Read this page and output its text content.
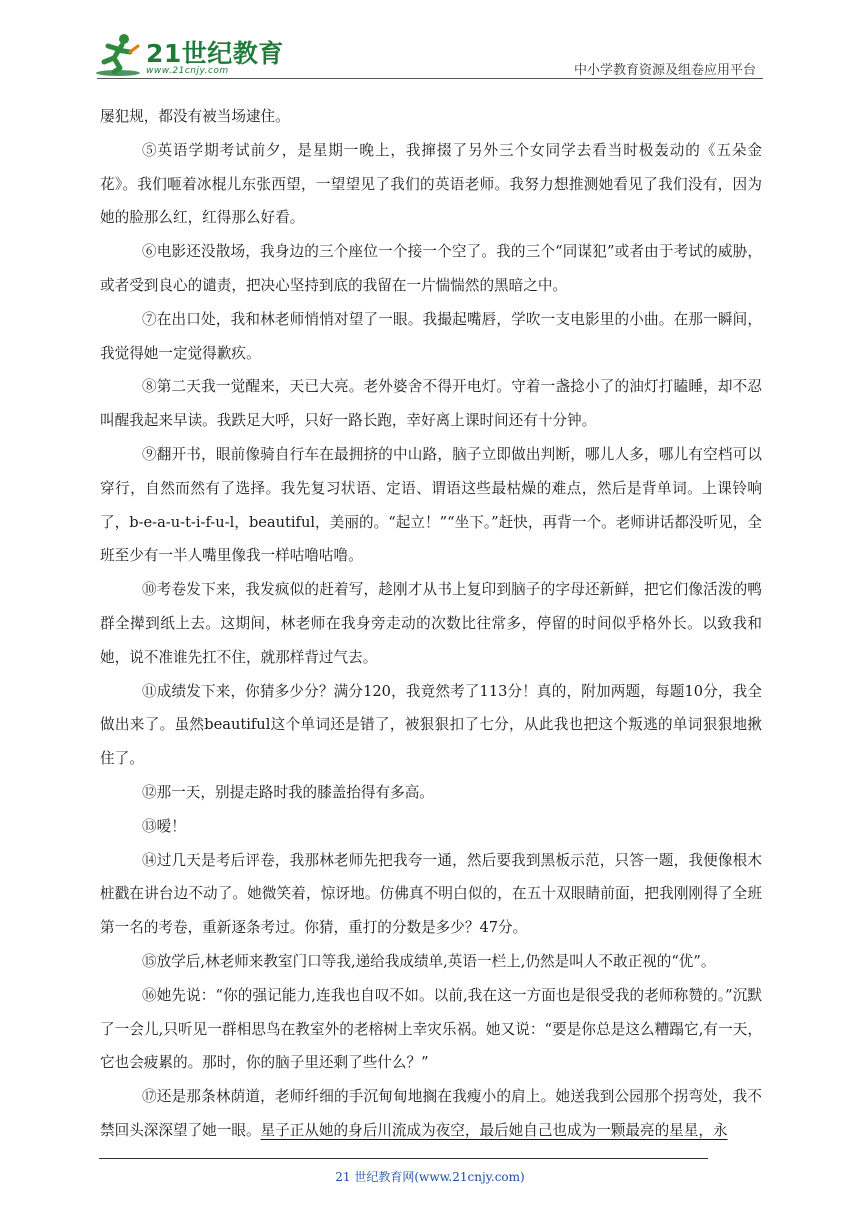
21世纪教育
www.21cnjy.com	中小学教育资源及组卷应用平台

屡犯规，都没有被当场逮住。

⑤英语学期考试前夕，是星期一晚上，我撺掇了另外三个女同学去看当时极轰动的《五朵金花》。我们咂着冰棍儿东张西望，一望望见了我们的英语老师。我努力想推测她看见了我们没有，因为她的脸那么红，红得那么好看。

⑥电影还没散场，我身边的三个座位一个接一个空了。我的三个“同谋犯”或者由于考试的威胁，或者受到良心的谴责，把决心坚持到底的我留在一片惴惴然的黑暗之中。

⑦在出口处，我和林老师悄悄对望了一眼。我撮起嘴唇，学吹一支电影里的小曲。在那一瞬间，我觉得她一定觉得歉疚。

⑧第二天我一觉醒来，天已大亮。老外婆舍不得开电灯。守着一盏捻小了的油灯打瞌睡，却不忍叫醒我起来早读。我跌足大呼，只好一路长跑，幸好离上课时间还有十分钟。

⑨翻开书，眼前像骑自行车在最拥挤的中山路，脑子立即做出判断，哪儿人多，哪儿有空档可以穿行，自然而然有了选择。我先复习状语、定语、谓语这些最枯燥的难点，然后是背单词。上课铃响了，b-e-a-u-t-i-f-u-l，beautiful，美丽的。“起立！”“坐下。”赶快，再背一个。老师讲话都没听见，全班至少有一半人嘴里像我一样咕噜咕噜。

⑩考卷发下来，我发疯似的赶着写，趁刚才从书上复印到脑子的字母还新鲜，把它们像活泼的鸭群全撵到纸上去。这期间，林老师在我身旁走动的次数比往常多，停留的时间似乎格外长。以致我和她，说不准谁先扛不住，就那样背过气去。

⑪成绩发下来，你猜多少分？满分120，我竟然考了113分！真的，附加两题，每题10分，我全做出来了。虽然beautiful这个单词还是错了，被狠狠扣了七分，从此我也把这个叛逃的单词狠狠地揪住了。

⑫那一天，别提走路时我的膝盖抬得有多高。

⑬嗳！

⑭过几天是考后评卷，我那林老师先把我夸一通，然后要我到黑板示范，只答一题，我便像根木桩戳在讲台边不动了。她微笑着，惊讶地。仿佛真不明白似的，在五十双眼睛前面，把我刚刚得了全班第一名的考卷，重新逐条考过。你猜，重打的分数是多少？47分。

⑮放学后,林老师来教室门口等我,递给我成绩单,英语一栏上,仍然是叫人不敢正视的“优”。

⑯她先说：“你的强记能力,连我也自叹不如。以前,我在这一方面也是很受我的老师称赞的。”沉默了一会儿,只听见一群相思鸟在教室外的老榕树上幸灾乐祸。她又说：“要是你总是这么糟蹋它,有一天，它也会疲累的。那时，你的脑子里还剩了些什么？”

⑰还是那条林荫道，老师纤细的手沉甸甸地搁在我瘦小的肩上。她送我到公园那个拐弯处，我不禁回头深深望了她一眼。星子正从她的身后川流成为夜空，最后她自己也成为一颗最亮的星星，永

21 世纪教育网(www.21cnjy.com)
